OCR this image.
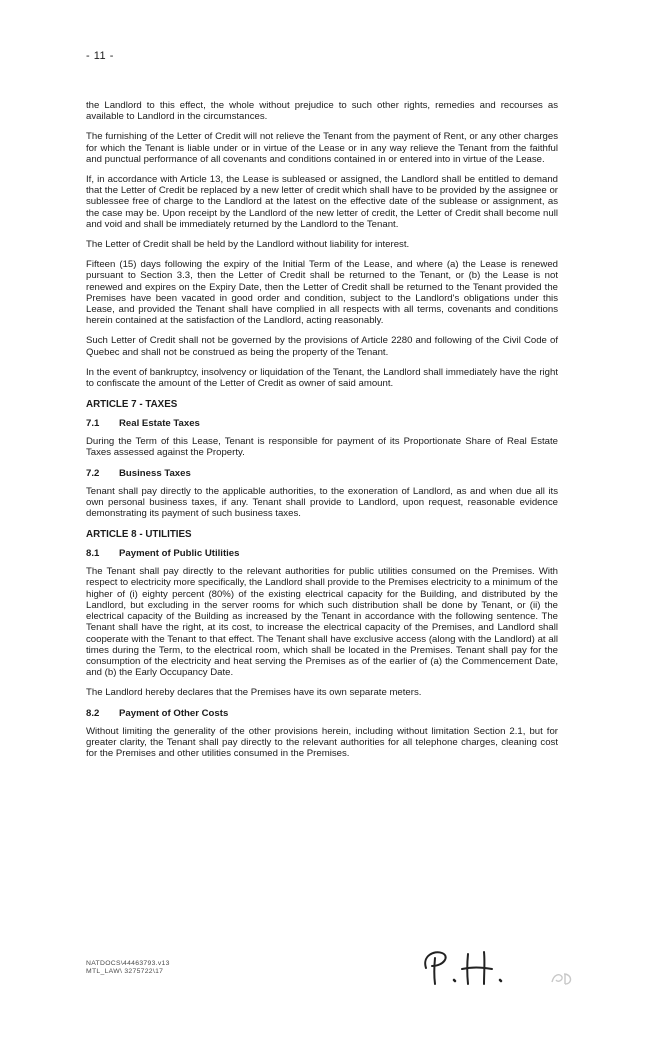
- 11 -

the Landlord to this effect, the whole without prejudice to such other rights, remedies and recourses as available to Landlord in the circumstances.

The furnishing of the Letter of Credit will not relieve the Tenant from the payment of Rent, or any other charges for which the Tenant is liable under or in virtue of the Lease or in any way relieve the Tenant from the faithful and punctual performance of all covenants and conditions contained in or entered into in virtue of the Lease.

If, in accordance with Article 13, the Lease is subleased or assigned, the Landlord shall be entitled to demand that the Letter of Credit be replaced by a new letter of credit which shall have to be provided by the assignee or sublessee free of charge to the Landlord at the latest on the effective date of the sublease or assignment, as the case may be. Upon receipt by the Landlord of the new letter of credit, the Letter of Credit shall become null and void and shall be immediately returned by the Landlord to the Tenant.

The Letter of Credit shall be held by the Landlord without liability for interest.

Fifteen (15) days following the expiry of the Initial Term of the Lease, and where (a) the Lease is renewed pursuant to Section 3.3, then the Letter of Credit shall be returned to the Tenant, or (b) the Lease is not renewed and expires on the Expiry Date, then the Letter of Credit shall be returned to the Tenant provided the Premises have been vacated in good order and condition, subject to the Landlord's obligations under this Lease, and provided the Tenant shall have complied in all respects with all terms, covenants and conditions herein contained at the satisfaction of the Landlord, acting reasonably.

Such Letter of Credit shall not be governed by the provisions of Article 2280 and following of the Civil Code of Quebec and shall not be construed as being the property of the Tenant.

In the event of bankruptcy, insolvency or liquidation of the Tenant, the Landlord shall immediately have the right to confiscate the amount of the Letter of Credit as owner of said amount.

ARTICLE 7 - TAXES
7.1 Real Estate Taxes

During the Term of this Lease, Tenant is responsible for payment of its Proportionate Share of Real Estate Taxes assessed against the Property.

7.2 Business Taxes

Tenant shall pay directly to the applicable authorities, to the exoneration of Landlord, as and when due all its own personal business taxes, if any. Tenant shall provide to Landlord, upon request, reasonable evidence demonstrating its payment of such business taxes.

ARTICLE 8 - UTILITIES
8.1 Payment of Public Utilities

The Tenant shall pay directly to the relevant authorities for public utilities consumed on the Premises. With respect to electricity more specifically, the Landlord shall provide to the Premises electricity to a minimum of the higher of (i) eighty percent (80%) of the existing electrical capacity for the Building, and distributed by the Landlord, but excluding in the server rooms for which such distribution shall be done by Tenant, or (ii) the electrical capacity of the Building as increased by the Tenant in accordance with the following sentence. The Tenant shall have the right, at its cost, to increase the electrical capacity of the Premises, and Landlord shall cooperate with the Tenant to that effect. The Tenant shall have exclusive access (along with the Landlord) at all times during the Term, to the electrical room, which shall be located in the Premises. Tenant shall pay for the consumption of the electricity and heat serving the Premises as of the earlier of (a) the Commencement Date, and (b) the Early Occupancy Date.

The Landlord hereby declares that the Premises have its own separate meters.

8.2 Payment of Other Costs

Without limiting the generality of the other provisions herein, including without limitation Section 2.1, but for greater clarity, the Tenant shall pay directly to the relevant authorities for all telephone charges, cleaning cost for the Premises and other utilities consumed in the Premises.

NATDOCS\44463793.v13
MTL_LAW\ 3275722\17
